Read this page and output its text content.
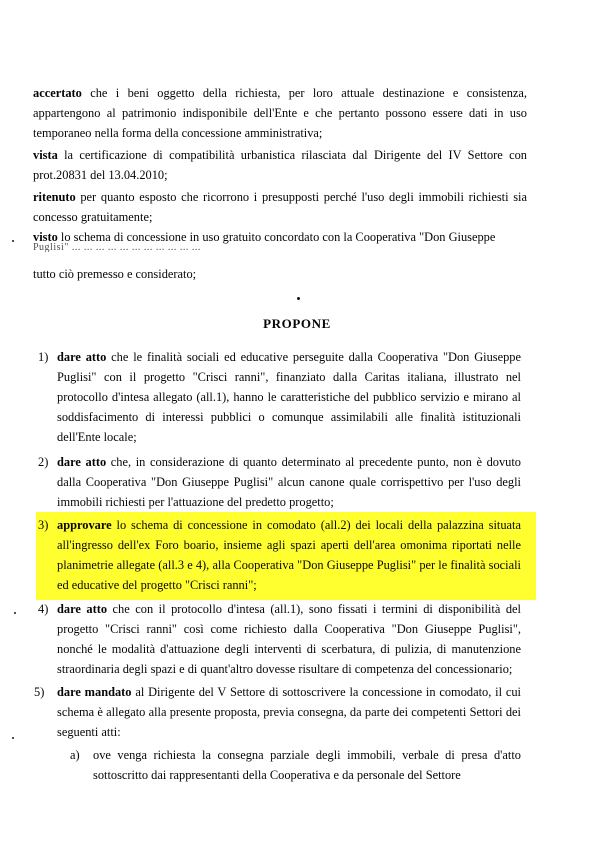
accertato che i beni oggetto della richiesta, per loro attuale destinazione e consistenza, appartengono al patrimonio indisponibile dell'Ente e che pertanto possono essere dati in uso temporaneo nella forma della concessione amministrativa;
vista la certificazione di compatibilità urbanistica rilasciata dal Dirigente del IV Settore con prot.20831 del 13.04.2010;
ritenuto per quanto esposto che ricorrono i presupposti perché l'uso degli immobili richiesti sia concesso gratuitamente;
visto lo schema di concessione in uso gratuito concordato con la Cooperativa "Don Giuseppe
Puglisi" ... ... ... ... ... ... ... ... ... ... ...
tutto ciò premesso e considerato;
PROPONE
1) dare atto che le finalità sociali ed educative perseguite dalla Cooperativa "Don Giuseppe Puglisi" con il progetto "Crisci ranni", finanziato dalla Caritas italiana, illustrato nel protocollo d'intesa allegato (all.1), hanno le caratteristiche del pubblico servizio e mirano al soddisfacimento di interessi pubblici o comunque assimilabili alle finalità istituzionali dell'Ente locale;
2) dare atto che, in considerazione di quanto determinato al precedente punto, non è dovuto dalla Cooperativa "Don Giuseppe Puglisi" alcun canone quale corrispettivo per l'uso degli immobili richiesti per l'attuazione del predetto progetto;
3) approvare lo schema di concessione in comodato (all.2) dei locali della palazzina situata all'ingresso dell'ex Foro boario, insieme agli spazi aperti dell'area omonima riportati nelle planimetrie allegate (all.3 e 4), alla Cooperativa "Don Giuseppe Puglisi" per le finalità sociali ed educative del progetto "Crisci ranni";
4) dare atto che con il protocollo d'intesa (all.1), sono fissati i termini di disponibilità del progetto "Crisci ranni" così come richiesto dalla Cooperativa "Don Giuseppe Puglisi", nonché le modalità d'attuazione degli interventi di scerbatura, di pulizia, di manutenzione straordinaria degli spazi e di quant'altro dovesse risultare di competenza del concessionario;
5)	dare mandato al Dirigente del V Settore di sottoscrivere la concessione in comodato, il cui schema è allegato alla presente proposta, previa consegna, da parte dei competenti Settori dei seguenti atti:
a) ove venga richiesta la consegna parziale degli immobili, verbale di presa d'atto sottoscritto dai rappresentanti della Cooperativa e da personale del Settore
